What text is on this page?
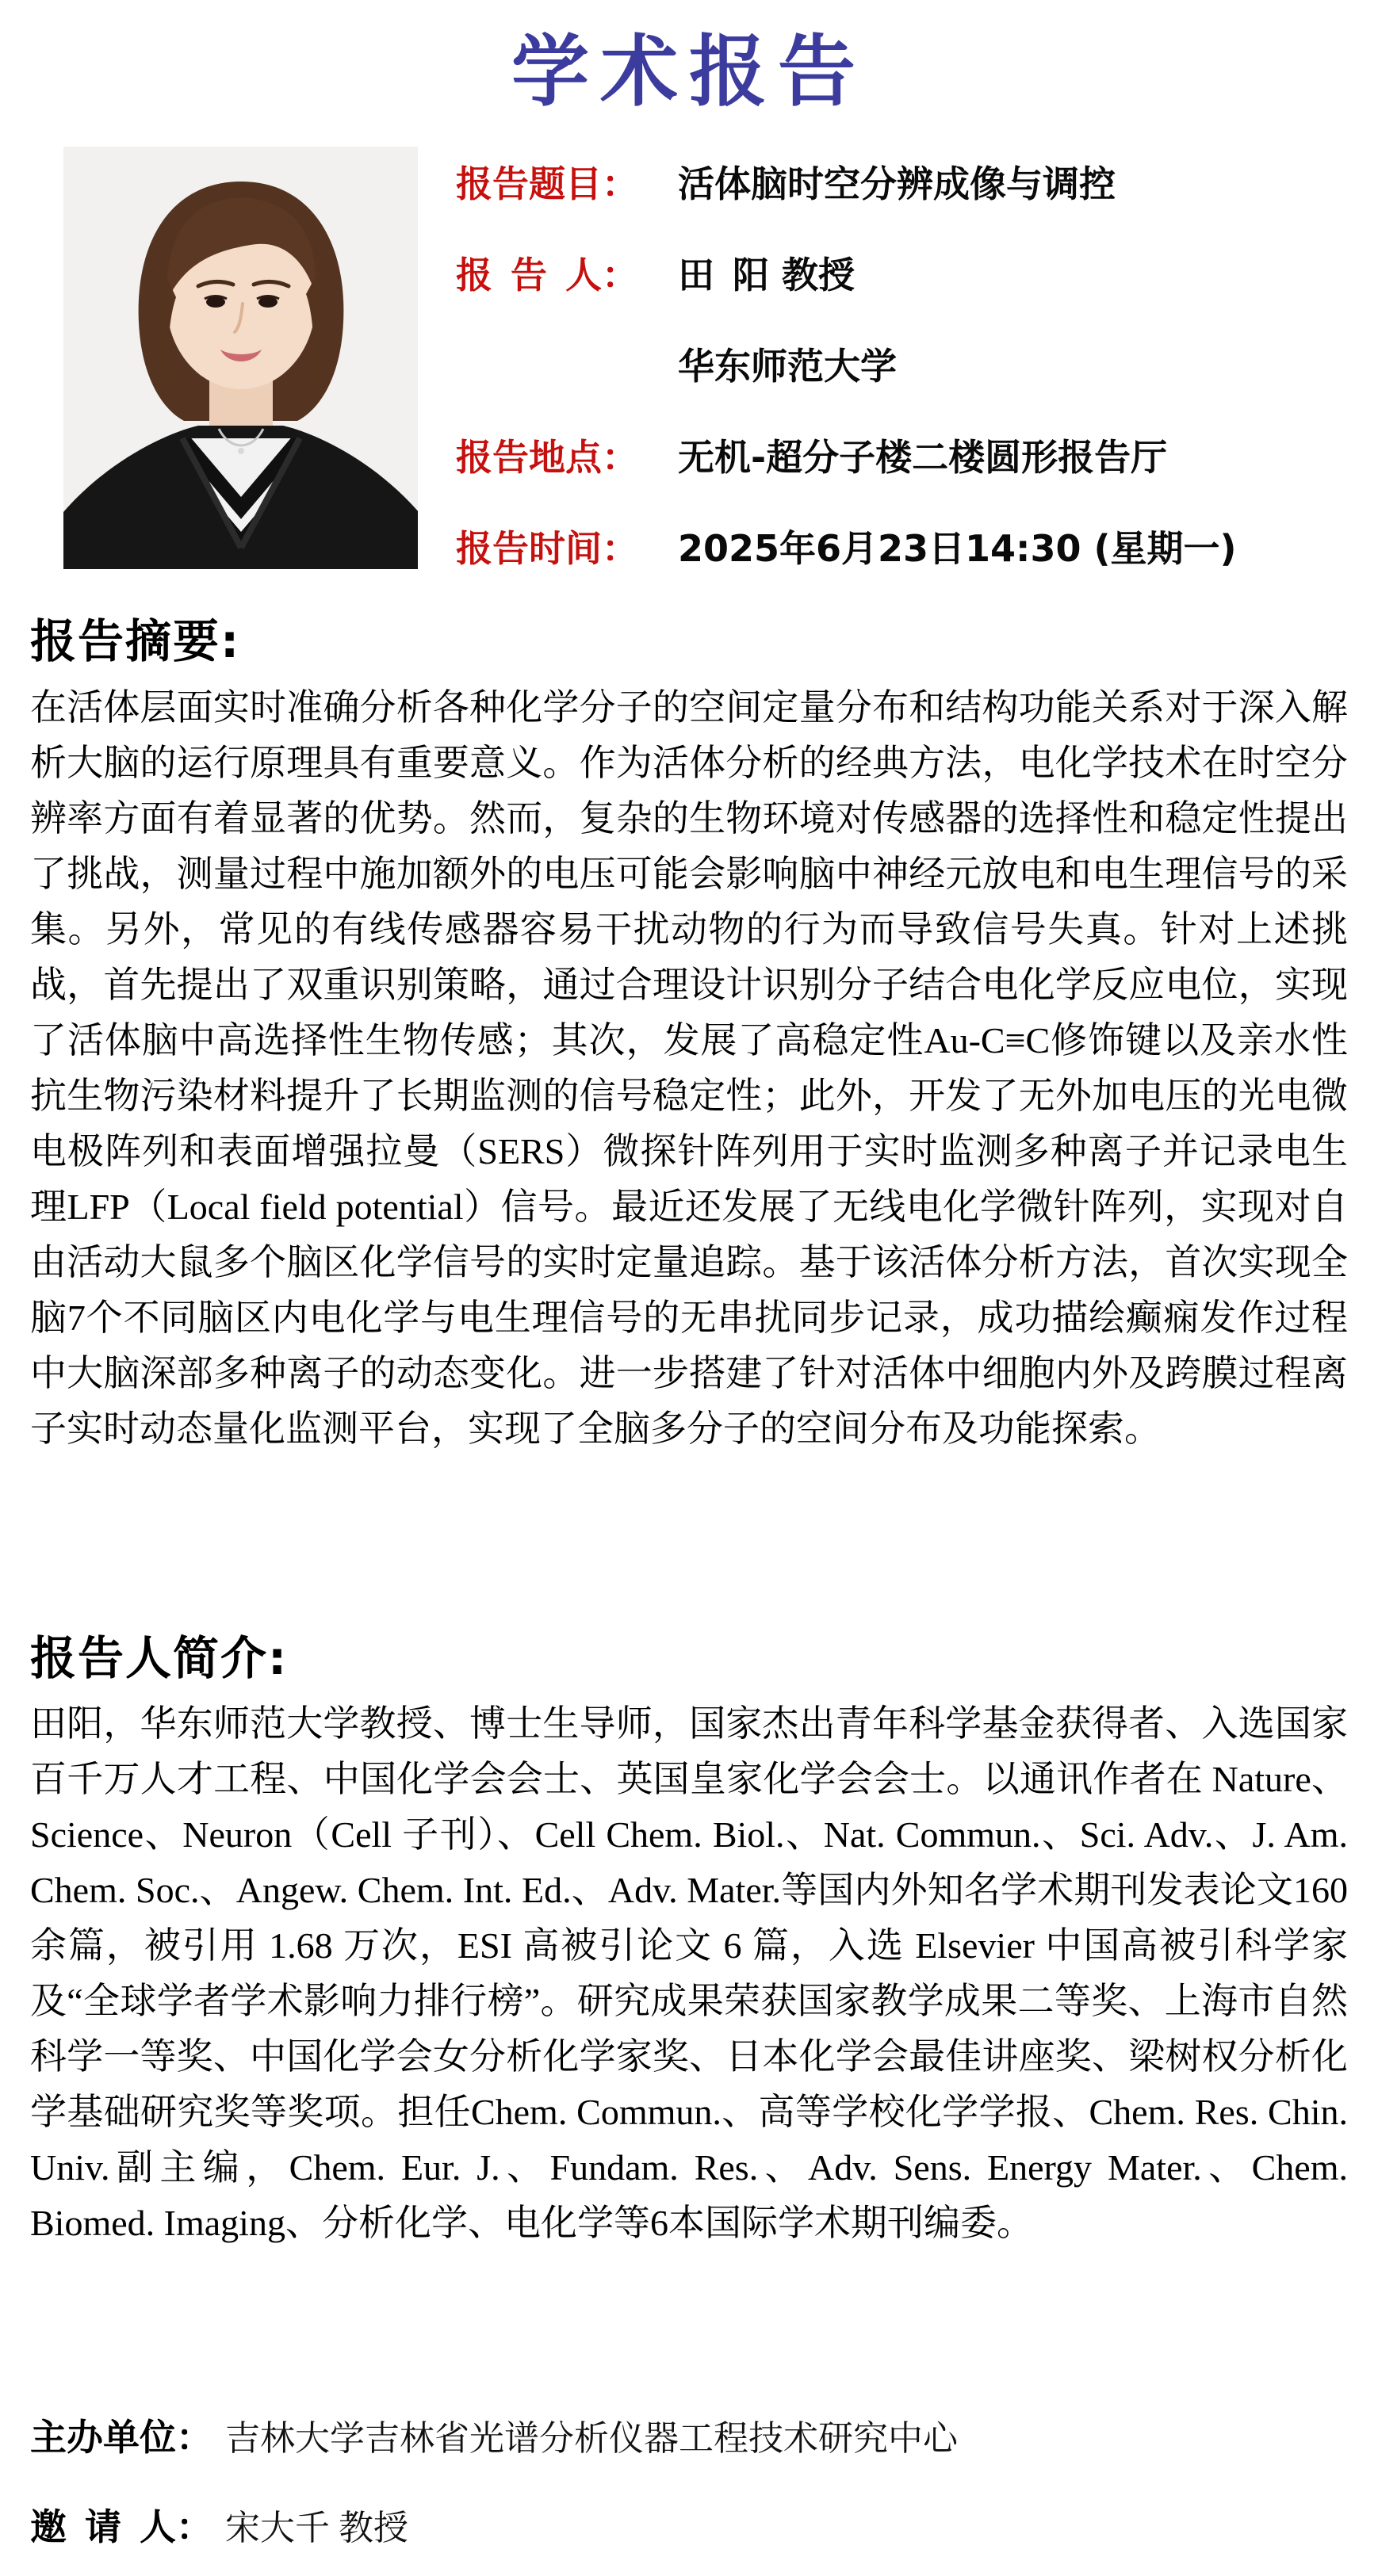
学术报告
报告题目： 活体脑时空分辨成像与调控
报 告 人： 田 阳 教授
华东师范大学
报告地点： 无机-超分子楼二楼圆形报告厅
报告时间： 2025年6月23日14:30 (星期一)
报告摘要:
在活体层面实时准确分析各种化学分子的空间定量分布和结构功能关系对于深入解析大脑的运行原理具有重要意义。作为活体分析的经典方法，电化学技术在时空分辨率方面有着显著的优势。然而，复杂的生物环境对传感器的选择性和稳定性提出了挑战，测量过程中施加额外的电压可能会影响脑中神经元放电和电生理信号的采集。另外，常见的有线传感器容易干扰动物的行为而导致信号失真。针对上述挑战，首先提出了双重识别策略，通过合理设计识别分子结合电化学反应电位，实现了活体脑中高选择性生物传感；其次，发展了高稳定性Au-C≡C修饰键以及亲水性抗生物污染材料提升了长期监测的信号稳定性；此外，开发了无外加电压的光电微电极阵列和表面增强拉曼（SERS）微探针阵列用于实时监测多种离子并记录电生理LFP（Local field potential）信号。最近还发展了无线电化学微针阵列，实现对自由活动大鼠多个脑区化学信号的实时定量追踪。基于该活体分析方法，首次实现全脑7个不同脑区内电化学与电生理信号的无串扰同步记录，成功描绘癫痫发作过程中大脑深部多种离子的动态变化。进一步搭建了针对活体中细胞内外及跨膜过程离子实时动态量化监测平台，实现了全脑多分子的空间分布及功能探索。
报告人简介:
田阳，华东师范大学教授、博士生导师，国家杰出青年科学基金获得者、入选国家百千万人才工程、中国化学会会士、英国皇家化学会会士。以通讯作者在 Nature、Science、Neuron（Cell 子刊）、Cell Chem. Biol.、Nat. Commun.、Sci. Adv.、J. Am. Chem. Soc.、Angew. Chem. Int. Ed.、Adv. Mater.等国内外知名学术期刊发表论文160 余篇，被引用 1.68 万次，ESI 高被引论文 6 篇，入选 Elsevier 中国高被引科学家及“全球学者学术影响力排行榜”。研究成果荣获国家教学成果二等奖、上海市自然科学一等奖、中国化学会女分析化学家奖、日本化学会最佳讲座奖、梁树权分析化学基础研究奖等奖项。担任Chem. Commun.、高等学校化学学报、Chem. Res. Chin. Univ.副主编，Chem. Eur. J.、Fundam. Res.、Adv. Sens. Energy Mater.、Chem. Biomed. Imaging、分析化学、电化学等6本国际学术期刊编委。
主办单位： 吉林大学吉林省光谱分析仪器工程技术研究中心
邀 请 人： 宋大千 教授
